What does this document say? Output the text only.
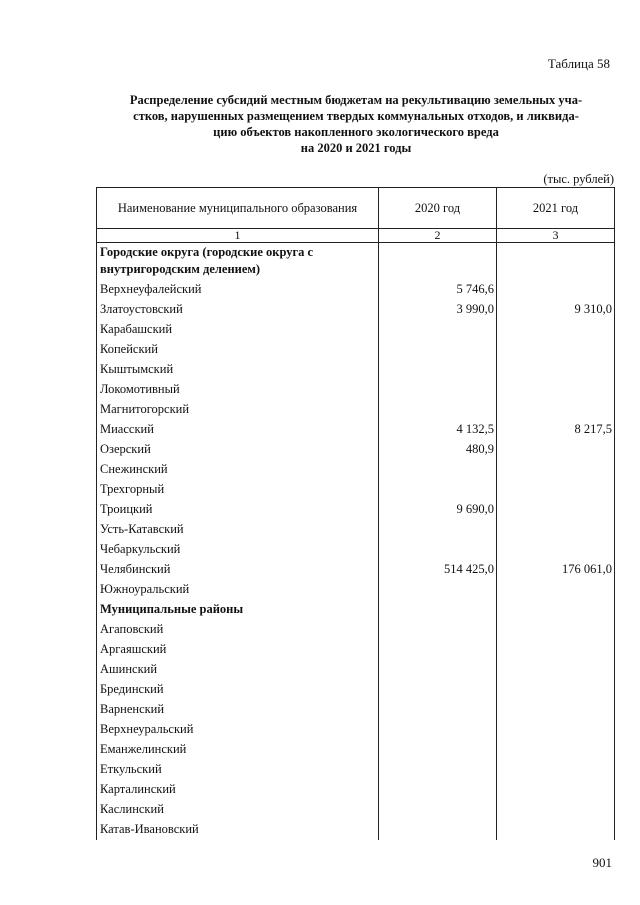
Таблица 58
Распределение субсидий местным бюджетам на рекультивацию земельных уча-
стков, нарушенных размещением твердых коммунальных отходов, и ликвида-
цию объектов накопленного экологического вреда
на 2020 и 2021 годы
(тыс. рублей)
Наименование муниципального образования	2020 год	2021 год
1	2	3
Городские округа (городские округа с внутригородским делением)		
Верхнеуфалейский	5 746,6	
Златоустовский	3 990,0	9 310,0
Карабашский		
Копейский		
Кыштымский		
Локомотивный		
Магнитогорский		
Миасский	4 132,5	8 217,5
Озерский	480,9	
Снежинский		
Трехгорный		
Троицкий	9 690,0	
Усть-Катавский		
Чебаркульский		
Челябинский	514 425,0	176 061,0
Южноуральский		
Муниципальные районы		
Агаповский		
Аргаяшский		
Ашинский		
Брединский		
Варненский		
Верхнеуральский		
Еманжелинский		
Еткульский		
Карталинский		
Каслинский		
Катав-Ивановский		
901
